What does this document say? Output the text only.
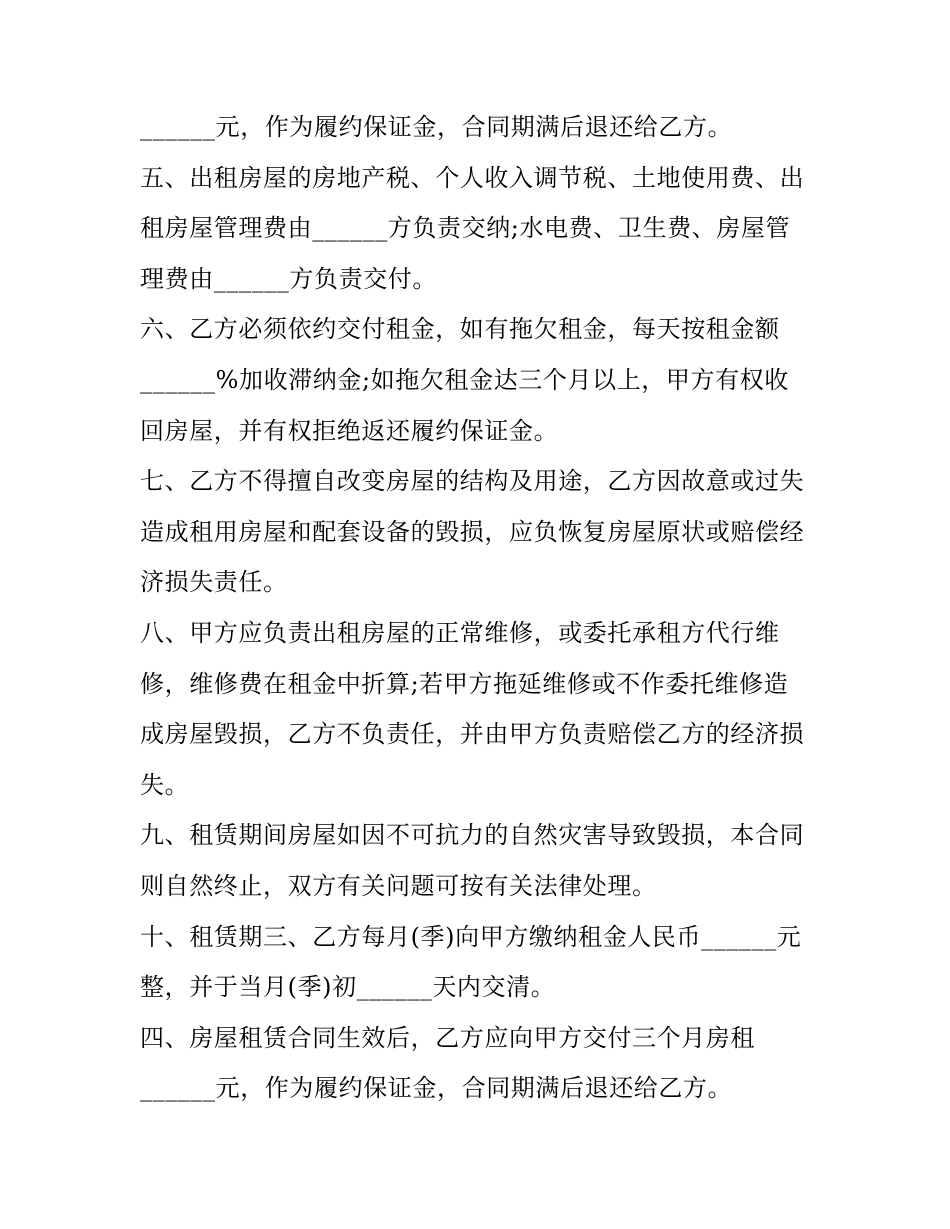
______元，作为履约保证金，合同期满后退还给乙方。
五、出租房屋的房地产税、个人收入调节税、土地使用费、出
租房屋管理费由______方负责交纳;水电费、卫生费、房屋管
理费由______方负责交付。
六、乙方必须依约交付租金，如有拖欠租金，每天按租金额
______%加收滞纳金;如拖欠租金达三个月以上，甲方有权收
回房屋，并有权拒绝返还履约保证金。
七、乙方不得擅自改变房屋的结构及用途，乙方因故意或过失
造成租用房屋和配套设备的毁损，应负恢复房屋原状或赔偿经
济损失责任。
八、甲方应负责出租房屋的正常维修，或委托承租方代行维
修，维修费在租金中折算;若甲方拖延维修或不作委托维修造
成房屋毁损，乙方不负责任，并由甲方负责赔偿乙方的经济损
失。
九、租赁期间房屋如因不可抗力的自然灾害导致毁损，本合同
则自然终止，双方有关问题可按有关法律处理。
十、租赁期三、乙方每月(季)向甲方缴纳租金人民币______元
整，并于当月(季)初______天内交清。
四、房屋租赁合同生效后，乙方应向甲方交付三个月房租
______元，作为履约保证金，合同期满后退还给乙方。
